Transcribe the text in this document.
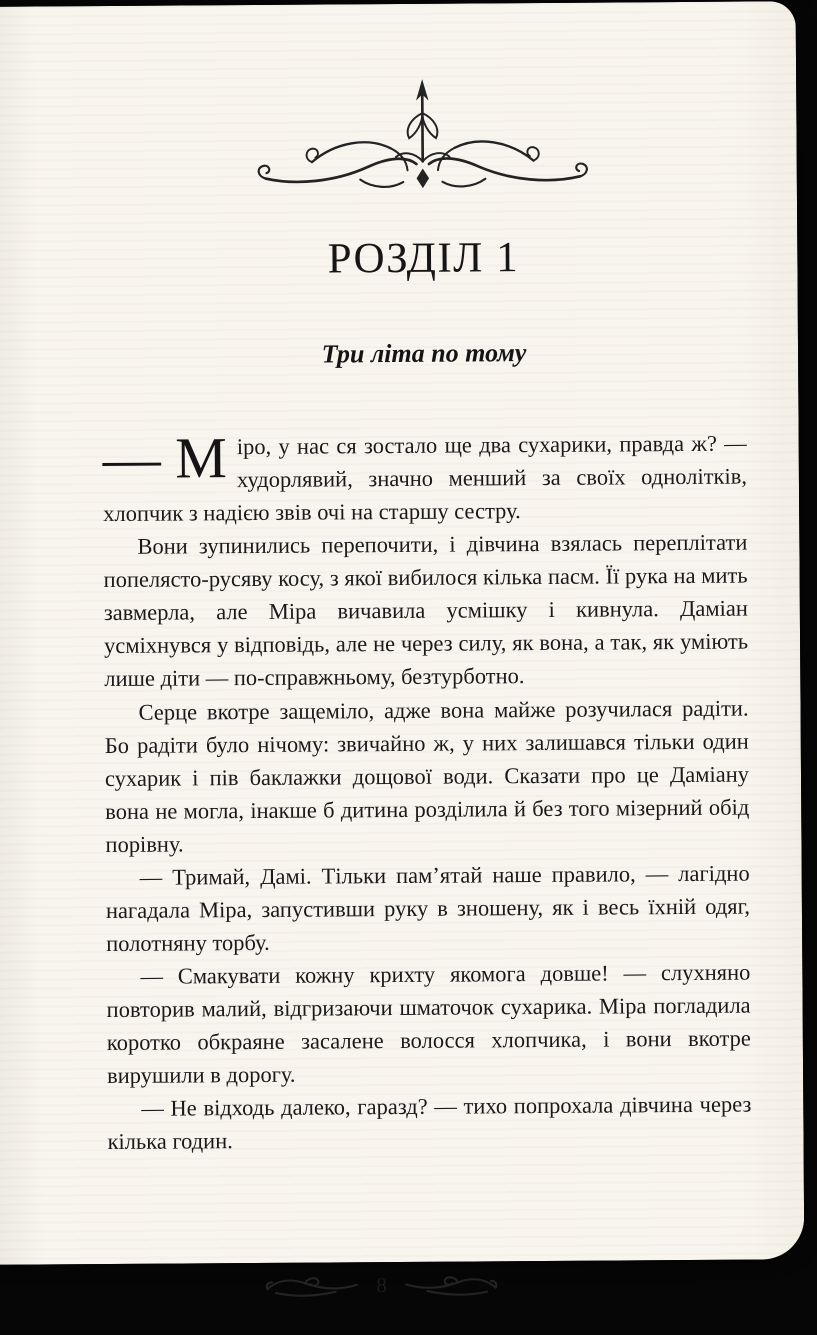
РОЗДІЛ 1
Три літа по тому

— М іро, у нас ся зостало ще два сухарики, правда ж? — худорлявий, значно менший за своїх однолітків, хлопчик з надією звів очі на старшу сестру.

Вони зупинились перепочити, і дівчина взялась переплітати попелясто-русяву косу, з якої вибилося кілька пасм. Її рука на мить завмерла, але Міра вичавила усмішку і кивнула. Даміан усміхнувся у відповідь, але не через силу, як вона, а так, як уміють лише діти — по-справжньому, безтурботно.

Серце вкотре защеміло, адже вона майже розучилася радіти. Бо радіти було нічому: звичайно ж, у них залишався тільки один сухарик і пів баклажки дощової води. Сказати про це Даміану вона не могла, інакше б дитина розділила й без того мізерний обід порівну.

— Тримай, Дамі. Тільки пам’ятай наше правило, — лагідно нагадала Міра, запустивши руку в зношену, як і весь їхній одяг, полотняну торбу.

— Смакувати кожну крихту якомога довше! — слухняно повторив малий, відгризаючи шматочок сухарика. Міра погладила коротко обкраяне засалене волосся хлопчика, і вони вкотре вирушили в дорогу.

— Не відходь далеко, гаразд? — тихо попрохала дівчина через кілька годин.

8
